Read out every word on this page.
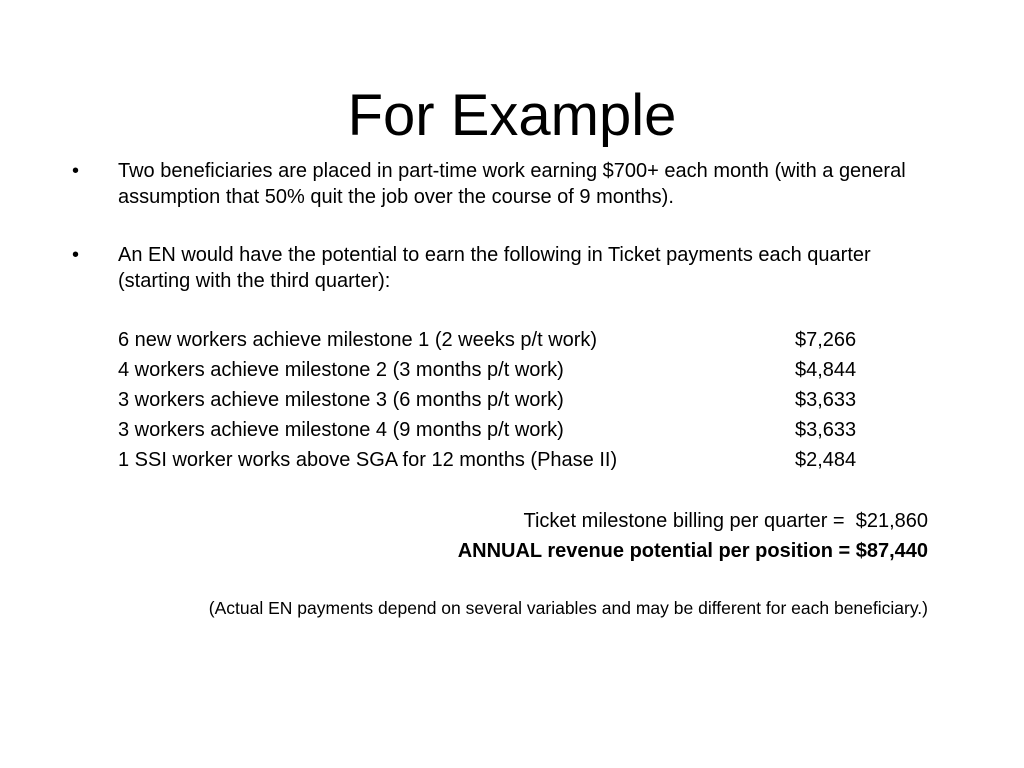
For Example
•	Two beneficiaries are placed in part-time work earning $700+ each month (with a general assumption that 50% quit the job over the course of 9 months).
•	An EN would have the potential to earn the following in Ticket payments each quarter (starting with the third quarter):
6 new workers achieve milestone 1 (2 weeks p/t work)	$7,266
4 workers achieve milestone 2 (3 months p/t work)	$4,844
3 workers achieve milestone 3 (6 months p/t work)	$3,633
3 workers achieve milestone 4 (9 months p/t work)	$3,633
1 SSI worker works above SGA for 12 months (Phase II)	$2,484
Ticket milestone billing per quarter =  $21,860
ANNUAL revenue potential per position = $87,440
(Actual EN payments depend on several variables and may be different for each beneficiary.)
